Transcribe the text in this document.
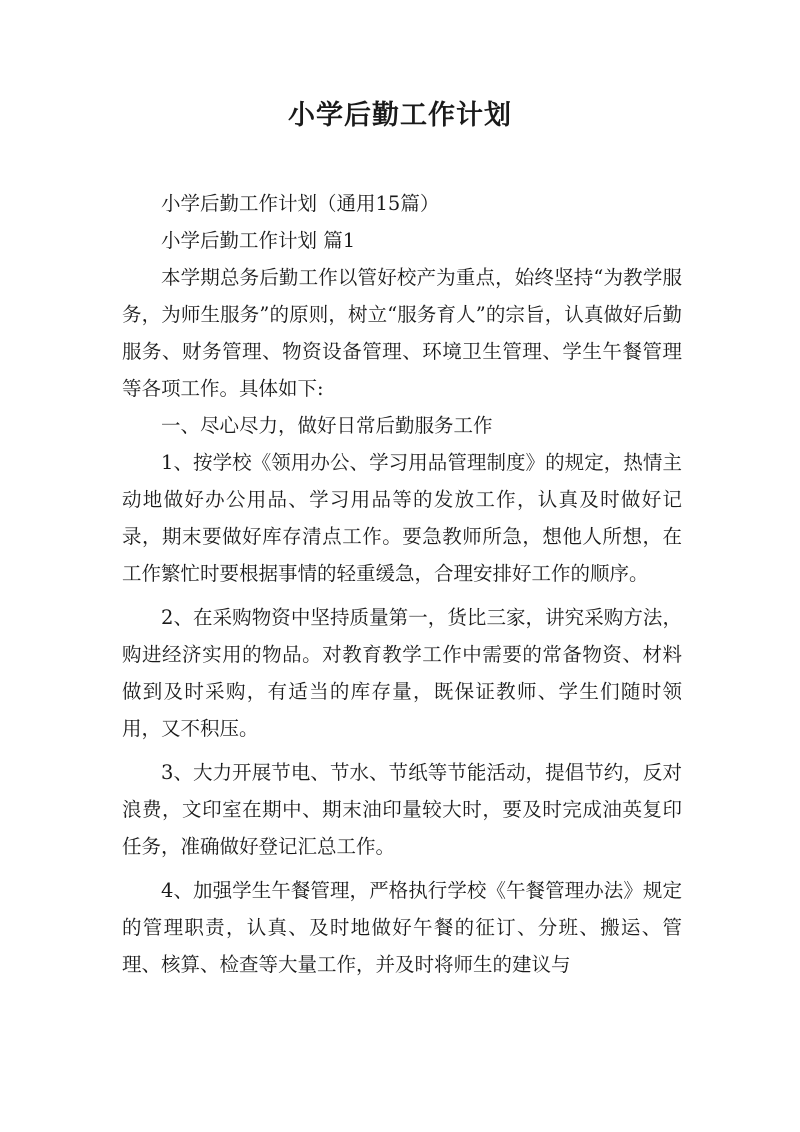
小学后勤工作计划

小学后勤工作计划（通用15篇）

小学后勤工作计划 篇1

本学期总务后勤工作以管好校产为重点，始终坚持“为教学服务，为师生服务”的原则，树立“服务育人”的宗旨，认真做好后勤服务、财务管理、物资设备管理、环境卫生管理、学生午餐管理等各项工作。具体如下:

一、尽心尽力，做好日常后勤服务工作

1、按学校《领用办公、学习用品管理制度》的规定，热情主动地做好办公用品、学习用品等的发放工作，认真及时做好记录，期末要做好库存清点工作。要急教师所急，想他人所想，在工作繁忙时要根据事情的轻重缓急，合理安排好工作的顺序。

2、在采购物资中坚持质量第一，货比三家，讲究采购方法，购进经济实用的物品。对教育教学工作中需要的常备物资、材料做到及时采购，有适当的库存量，既保证教师、学生们随时领用，又不积压。

3、大力开展节电、节水、节纸等节能活动，提倡节约，反对浪费，文印室在期中、期末油印量较大时，要及时完成油英复印任务，准确做好登记汇总工作。

4、加强学生午餐管理，严格执行学校《午餐管理办法》规定的管理职责，认真、及时地做好午餐的征订、分班、搬运、管理、核算、检查等大量工作，并及时将师生的建议与
